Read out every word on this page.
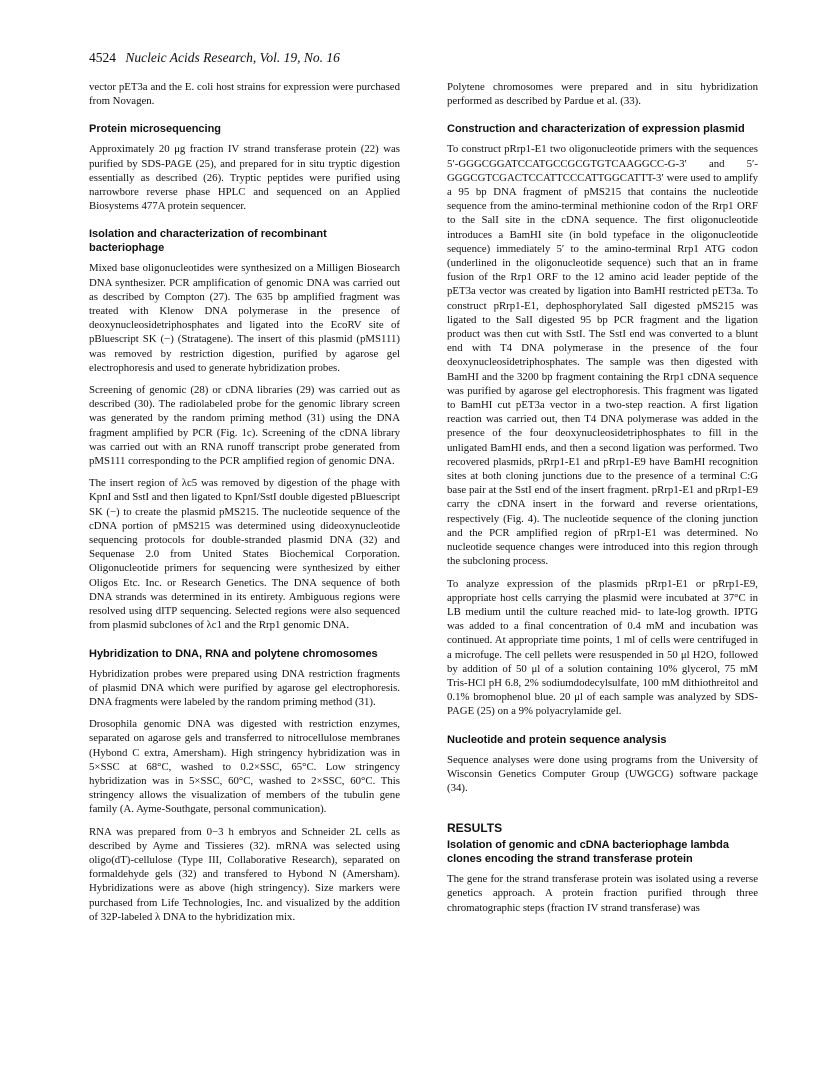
4524 Nucleic Acids Research, Vol. 19, No. 16

vector pET3a and the E. coli host strains for expression were purchased from Novagen.

Protein microsequencing

Approximately 20 μg fraction IV strand transferase protein (22) was purified by SDS-PAGE (25), and prepared for in situ tryptic digestion essentially as described (26). Tryptic peptides were purified using narrowbore reverse phase HPLC and sequenced on an Applied Biosystems 477A protein sequencer.

Isolation and characterization of recombinant bacteriophage

Mixed base oligonucleotides were synthesized on a Milligen Biosearch DNA synthesizer. PCR amplification of genomic DNA was carried out as described by Compton (27). The 635 bp amplified fragment was treated with Klenow DNA polymerase in the presence of deoxynucleosidetriphosphates and ligated into the EcoRV site of pBluescript SK (−) (Stratagene). The insert of this plasmid (pMS111) was removed by restriction digestion, purified by agarose gel electrophoresis and used to generate hybridization probes.

Screening of genomic (28) or cDNA libraries (29) was carried out as described (30). The radiolabeled probe for the genomic library screen was generated by the random priming method (31) using the DNA fragment amplified by PCR (Fig. 1c). Screening of the cDNA library was carried out with an RNA runoff transcript probe generated from pMS111 corresponding to the PCR amplified region of genomic DNA.

The insert region of λc5 was removed by digestion of the phage with KpnI and SstI and then ligated to KpnI/SstI double digested pBluescript SK (−) to create the plasmid pMS215. The nucleotide sequence of the cDNA portion of pMS215 was determined using dideoxynucleotide sequencing protocols for double-stranded plasmid DNA (32) and Sequenase 2.0 from United States Biochemical Corporation. Oligonucleotide primers for sequencing were synthesized by either Oligos Etc. Inc. or Research Genetics. The DNA sequence of both DNA strands was determined in its entirety. Ambiguous regions were resolved using dITP sequencing. Selected regions were also sequenced from plasmid subclones of λc1 and the Rrp1 genomic DNA.

Hybridization to DNA, RNA and polytene chromosomes

Hybridization probes were prepared using DNA restriction fragments of plasmid DNA which were purified by agarose gel electrophoresis. DNA fragments were labeled by the random priming method (31).

Drosophila genomic DNA was digested with restriction enzymes, separated on agarose gels and transferred to nitrocellulose membranes (Hybond C extra, Amersham). High stringency hybridization was in 5×SSC at 68°C, washed to 0.2×SSC, 65°C. Low stringency hybridization was in 5×SSC, 60°C, washed to 2×SSC, 60°C. This stringency allows the visualization of members of the tubulin gene family (A. Ayme-Southgate, personal communication).

RNA was prepared from 0−3 h embryos and Schneider 2L cells as described by Ayme and Tissieres (32). mRNA was selected using oligo(dT)-cellulose (Type III, Collaborative Research), separated on formaldehyde gels (32) and transfered to Hybond N (Amersham). Hybridizations were as above (high stringency). Size markers were purchased from Life Technologies, Inc. and visualized by the addition of 32P-labeled λ DNA to the hybridization mix.

Polytene chromosomes were prepared and in situ hybridization performed as described by Pardue et al. (33).

Construction and characterization of expression plasmid

To construct pRrp1-E1 two oligonucleotide primers with the sequences 5′-GGGCGGATCCATGCCGCGTGTCAAGGCC-G-3′ and 5′-GGGCGTCGACTCCATTCCCATTGGCATTT-3′ were used to amplify a 95 bp DNA fragment of pMS215 that contains the nucleotide sequence from the amino-terminal methionine codon of the Rrp1 ORF to the SalI site in the cDNA sequence. The first oligonucleotide introduces a BamHI site (in bold typeface in the oligonucleotide sequence) immediately 5′ to the amino-terminal Rrp1 ATG codon (underlined in the oligonucleotide sequence) such that an in frame fusion of the Rrp1 ORF to the 12 amino acid leader peptide of the pET3a vector was created by ligation into BamHI restricted pET3a. To construct pRrp1-E1, dephosphorylated SalI digested pMS215 was ligated to the SalI digested 95 bp PCR fragment and the ligation product was then cut with SstI. The SstI end was converted to a blunt end with T4 DNA polymerase in the presence of the four deoxynucleosidetriphosphates. The sample was then digested with BamHI and the 3200 bp fragment containing the Rrp1 cDNA sequence was purified by agarose gel electrophoresis. This fragment was ligated to BamHI cut pET3a vector in a two-step reaction. A first ligation reaction was carried out, then T4 DNA polymerase was added in the presence of the four deoxynucleosidetriphosphates to fill in the unligated BamHI ends, and then a second ligation was performed. Two recovered plasmids, pRrp1-E1 and pRrp1-E9 have BamHI recognition sites at both cloning junctions due to the presence of a terminal C:G base pair at the SstI end of the insert fragment. pRrp1-E1 and pRrp1-E9 carry the cDNA insert in the forward and reverse orientations, respectively (Fig. 4). The nucleotide sequence of the cloning junction and the PCR amplified region of pRrp1-E1 was determined. No nucleotide sequence changes were introduced into this region through the subcloning process.

To analyze expression of the plasmids pRrp1-E1 or pRrp1-E9, appropriate host cells carrying the plasmid were incubated at 37°C in LB medium until the culture reached mid- to late-log growth. IPTG was added to a final concentration of 0.4 mM and incubation was continued. At appropriate time points, 1 ml of cells were centrifuged in a microfuge. The cell pellets were resuspended in 50 μl H2O, followed by addition of 50 μl of a solution containing 10% glycerol, 75 mM Tris-HCl pH 6.8, 2% sodiumdodecylsulfate, 100 mM dithiothreitol and 0.1% bromophenol blue. 20 μl of each sample was analyzed by SDS-PAGE (25) on a 9% polyacrylamide gel.

Nucleotide and protein sequence analysis

Sequence analyses were done using programs from the University of Wisconsin Genetics Computer Group (UWGCG) software package (34).

RESULTS
Isolation of genomic and cDNA bacteriophage lambda clones encoding the strand transferase protein

The gene for the strand transferase protein was isolated using a reverse genetics approach. A protein fraction purified through three chromatographic steps (fraction IV strand transferase) was
